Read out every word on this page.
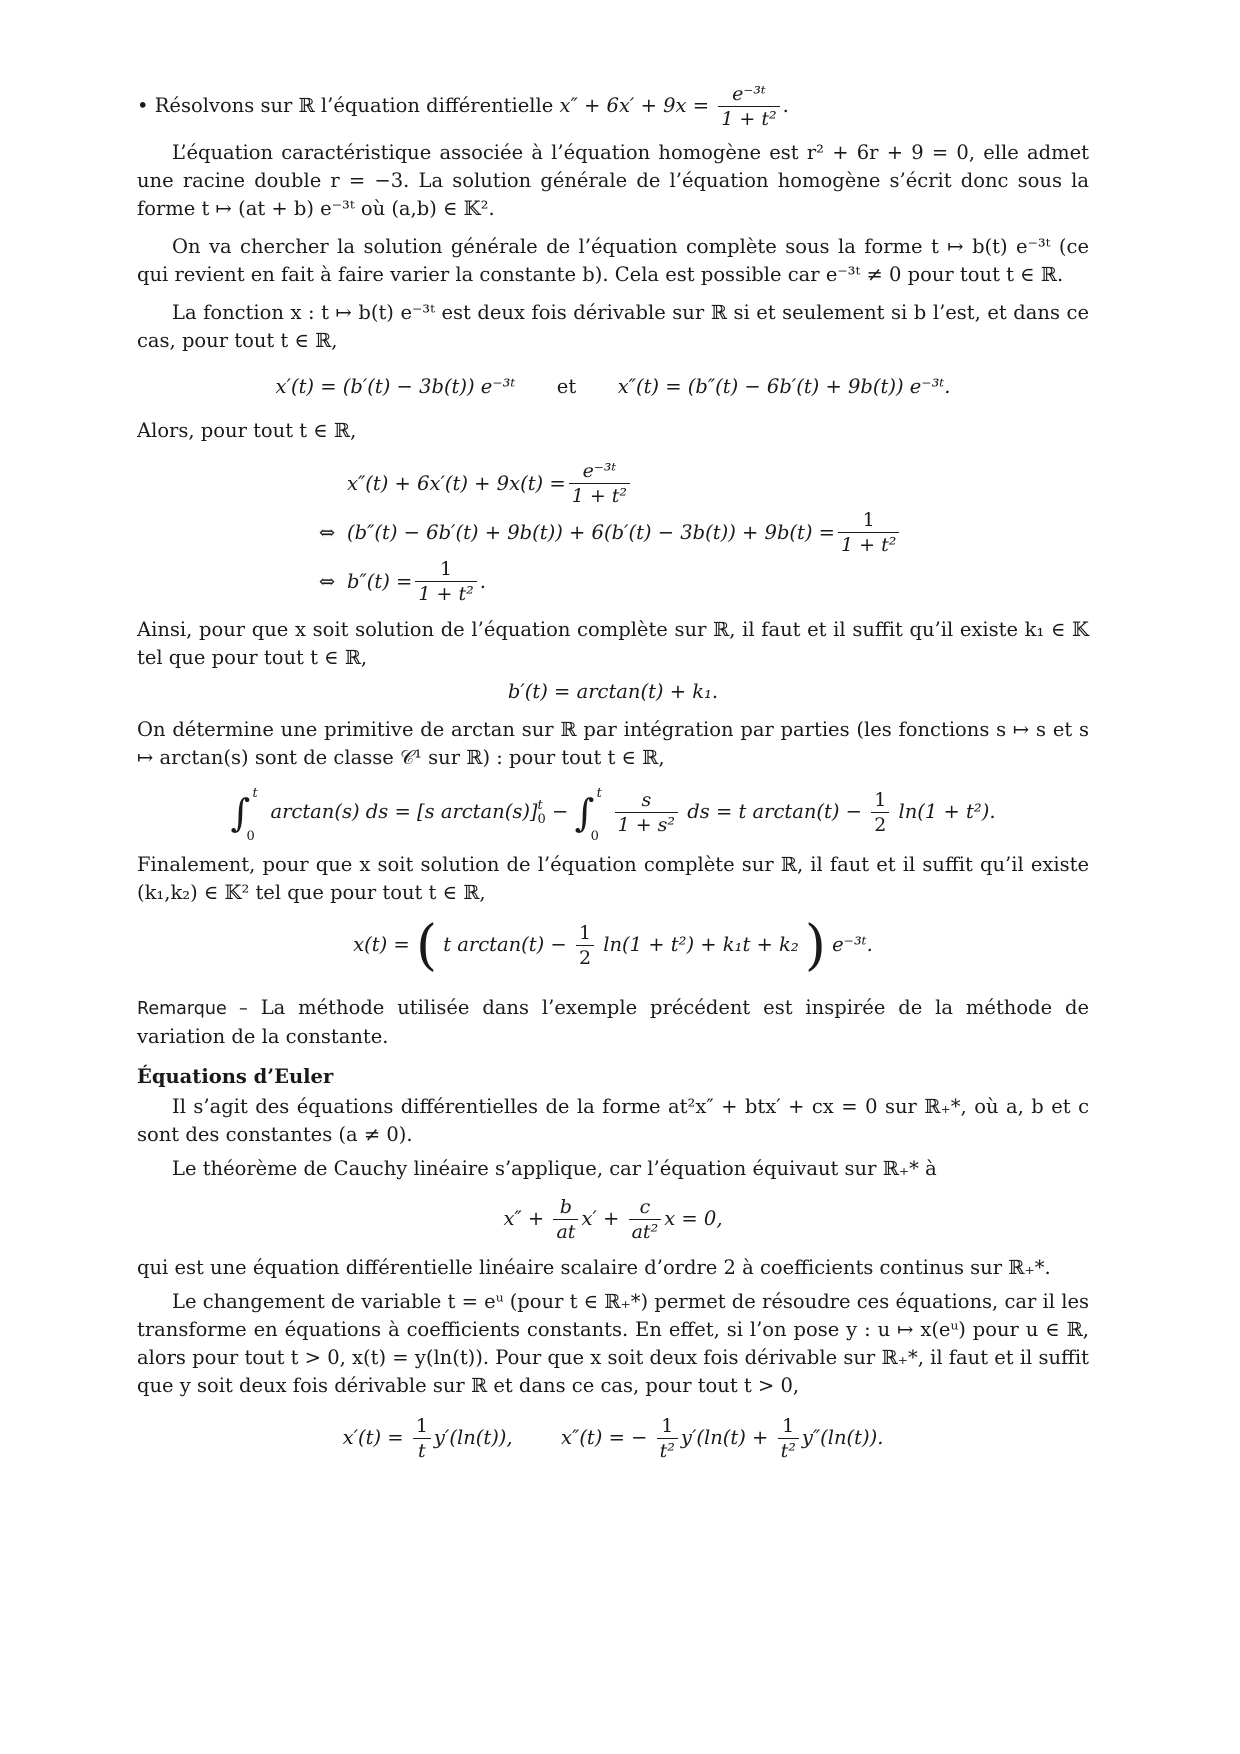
• Résolvons sur ℝ l’équation différentielle $x'' + 6x' + 9x = \frac{\text{e⁻³ᵗ}}{\text{1 + t²}}$ .

L’équation caractéristique associée à l’équation homogène est r² + 6r + 9 = 0, elle admet une racine double r = −3. La solution générale de l’équation homogène s’écrit donc sous la forme t ↦ (at + b) e⁻³ᵗ où (a,b) ∈ 𝕂².

On va chercher la solution générale de l’équation complète sous la forme t ↦ b(t) e⁻³ᵗ (ce qui revient en fait à faire varier la constante b). Cela est possible car e⁻³ᵗ ≠ 0 pour tout t ∈ ℝ.

La fonction x : t ↦ b(t) e⁻³ᵗ est deux fois dérivable sur ℝ si et seulement si b l’est, et dans ce cas, pour tout t ∈ ℝ,

x′(t) = (b′(t) − 3b(t)) e⁻³ᵗ et x″(t) = (b″(t) − 6b′(t) + 9b(t)) e⁻³ᵗ.

Alors, pour tout t ∈ ℝ,

$x''(t) + 6x'(t) + 9x(t) = \frac{\text{e⁻³ᵗ}}{\text{1 + t²}}$
⇔ $(b''(t) - 6b'(t) + 9b(t)) + 6(b'(t) - 3b(t)) + 9b(t) = \frac{1}{\text{1 + t²}}$
⇔ $b''(t) = \frac{1}{\text{1 + t²}}$ .

Ainsi, pour que x soit solution de l’équation complète sur ℝ, il faut et il suffit qu’il existe k₁ ∈ 𝕂 tel que pour tout t ∈ ℝ,

b′(t) = arctan(t) + k₁.

On détermine une primitive de arctan sur ℝ par intégration par parties (les fonctions s ↦ s et s ↦ arctan(s) sont de classe 𝒞¹ sur ℝ) : pour tout t ∈ ℝ,

∫ t
0
arctan(s) ds = [s arctan(s)] t
0 − ∫ t
0
$\frac{s}{\text{1 + s²}}$ ds = t $\arctan(t) - \frac{1}{2} \ln(1 + t^2)$.

Finalement, pour que x soit solution de l’équation complète sur ℝ, il faut et il suffit qu’il existe (k₁,k₂) ∈ 𝕂² tel que pour tout t ∈ ℝ,

x(t) = ( t $\arctan(t) - \frac{1}{2} \ln(1 + t^2) + k_1t + k_2$ ) e⁻³ᵗ.

Remarque – La méthode utilisée dans l’exemple précédent est inspirée de la méthode de variation de la constante.

Équations d’Euler

Il s’agit des équations différentielles de la forme at²x″ + btx′ + cx = 0 sur ℝ₊*, où a, b et c sont des constantes (a ≠ 0).

Le théorème de Cauchy linéaire s’applique, car l’équation équivaut sur ℝ₊* à

$x'' + \frac{b}{at} x' + \frac{c}{\text{at²}}$ x = 0,

qui est une équation différentielle linéaire scalaire d’ordre 2 à coefficients continus sur ℝ₊*.

Le changement de variable t = eᵘ (pour t ∈ ℝ₊*) permet de résoudre ces équations, car il les transforme en équations à coefficients constants. En effet, si l’on pose y : u ↦ x(eᵘ) pour u ∈ ℝ, alors pour tout t > 0, x(t) = y(ln(t)). Pour que x soit deux fois dérivable sur ℝ₊*, il faut et il suffit que y soit deux fois dérivable sur ℝ et dans ce cas, pour tout t > 0,

$x'(t) = \frac{1}{t} y'(\ln(t))$, x″(t) = − $\frac{1}{\text{t²}} y'(\ln(t) + \frac{1}{\text{t²}} y''(\ln(t))$.
